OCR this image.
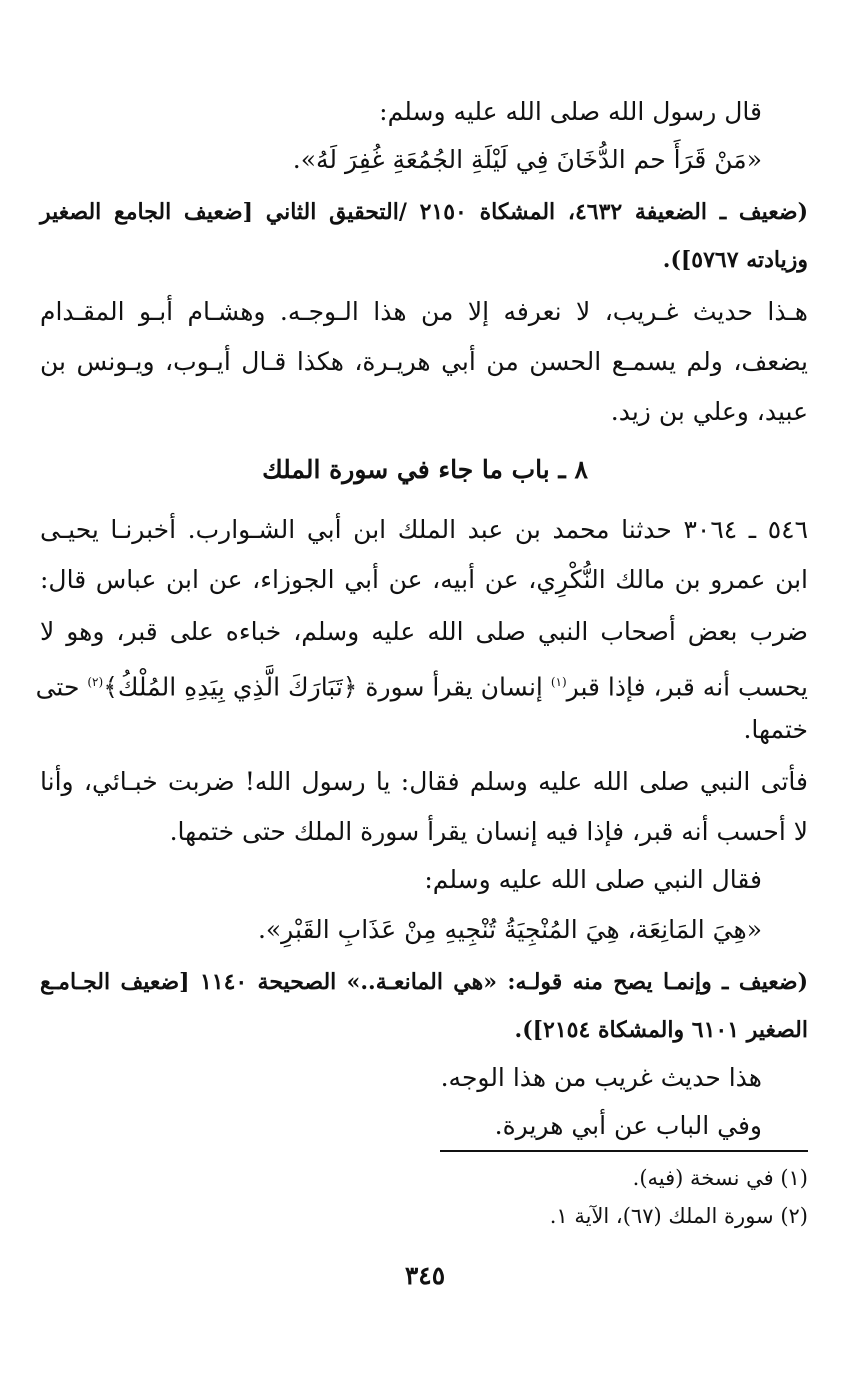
قال رسول الله صلى الله عليه وسلم:
«مَنْ قَرَأَ حم الدُّخَانَ فِي لَيْلَةِ الجُمُعَةِ غُفِرَ لَهُ».
(ضعيف ـ الضعيفة ٤٦٣٢، المشكاة ٢١٥٠ /التحقيق الثاني [ضعيف الجامع الصغير
وزيادته ٥٧٦٧]).
هـذا حديث غـريب، لا نعرفه إلا من هذا الـوجـه. وهشـام أبـو المقـدام
يضعف، ولم يسمـع الحسن من أبي هريـرة، هكذا قـال أيـوب، ويـونس بن
عبيد، وعلي بن زيد.
٨ ـ باب ما جاء في سورة الملك
٥٤٦ ـ ٣٠٦٤ حدثنا محمد بن عبد الملك ابن أبي الشـوارب. أخبرنـا يحيـى
ابن عمرو بن مالك النُّكْرِي، عن أبيه، عن أبي الجوزاء، عن ابن عباس قال:
ضرب بعض أصحاب النبي صلى الله عليه وسلم، خباءه على قبر، وهو لا
يحسب أنه قبر، فإذا قبر$^{(١)}$ إنسان يقرأ سورة ﴿تَبَارَكَ الَّذِي بِيَدِهِ المُلْكُ﴾$^{(٢)}$ حتى
ختمها.
فأتى النبي صلى الله عليه وسلم فقال: يا رسول الله! ضربت خبـائي، وأنا
لا أحسب أنه قبر، فإذا فيه إنسان يقرأ سورة الملك حتى ختمها.
فقال النبي صلى الله عليه وسلم:
«هِيَ المَانِعَة، هِيَ المُنْجِيَةُ تُنْجِيهِ مِنْ عَذَابِ القَبْرِ».
(ضعيف ـ وإنمـا يصح منه قولـه: «هي المانعـة..» الصحيحة ١١٤٠ [ضعيف الجـامـع
الصغير ٦١٠١ والمشكاة ٢١٥٤]).
هذا حديث غريب من هذا الوجه.
وفي الباب عن أبي هريرة.
(١) في نسخة (فيه).
(٢) سورة الملك (٦٧)، الآية ١.
٣٤٥
